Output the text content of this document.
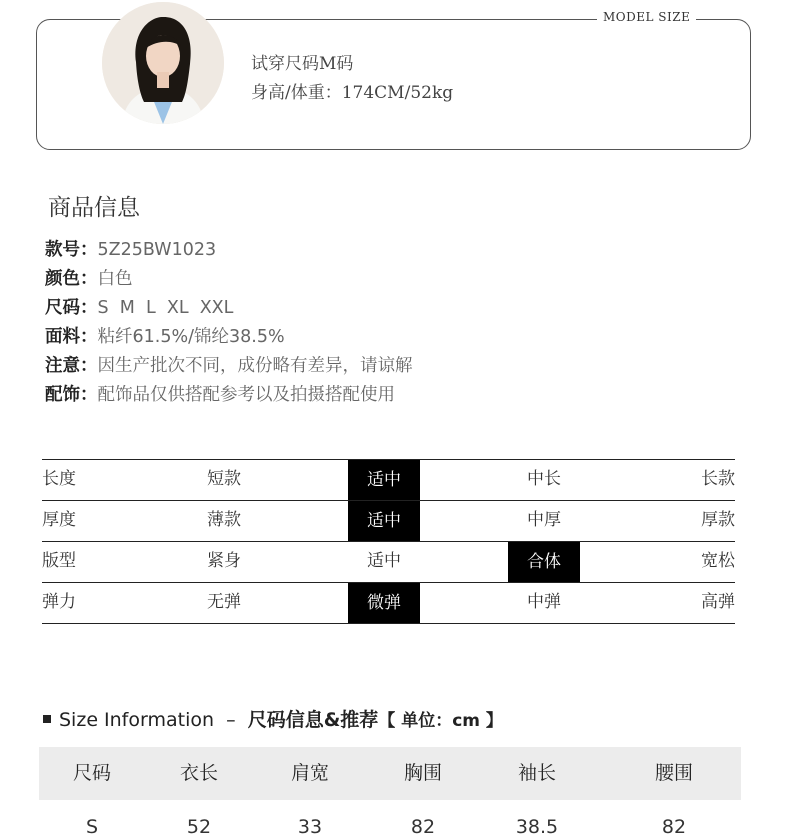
MODEL SIZE
试穿尺码M码
身高/体重：174CM/52kg
商品信息
款号：5Z25BW1023
颜色：白色
尺码：S  M  L  XL  XXL
面料：粘纤61.5%/锦纶38.5%
注意：因生产批次不同，成份略有差异，请谅解
配饰：配饰品仅供搭配参考以及拍摄搭配使用
长度	短款	适中	中长	长款
厚度	薄款	适中	中厚	厚款
版型	紧身	适中	合体	宽松
弹力	无弹	微弹	中弹	高弹
Size Information – 尺码信息&推荐【 单位：cm 】
尺码	衣长	肩宽	胸围	袖长	腰围
S	52	33	82	38.5	82
